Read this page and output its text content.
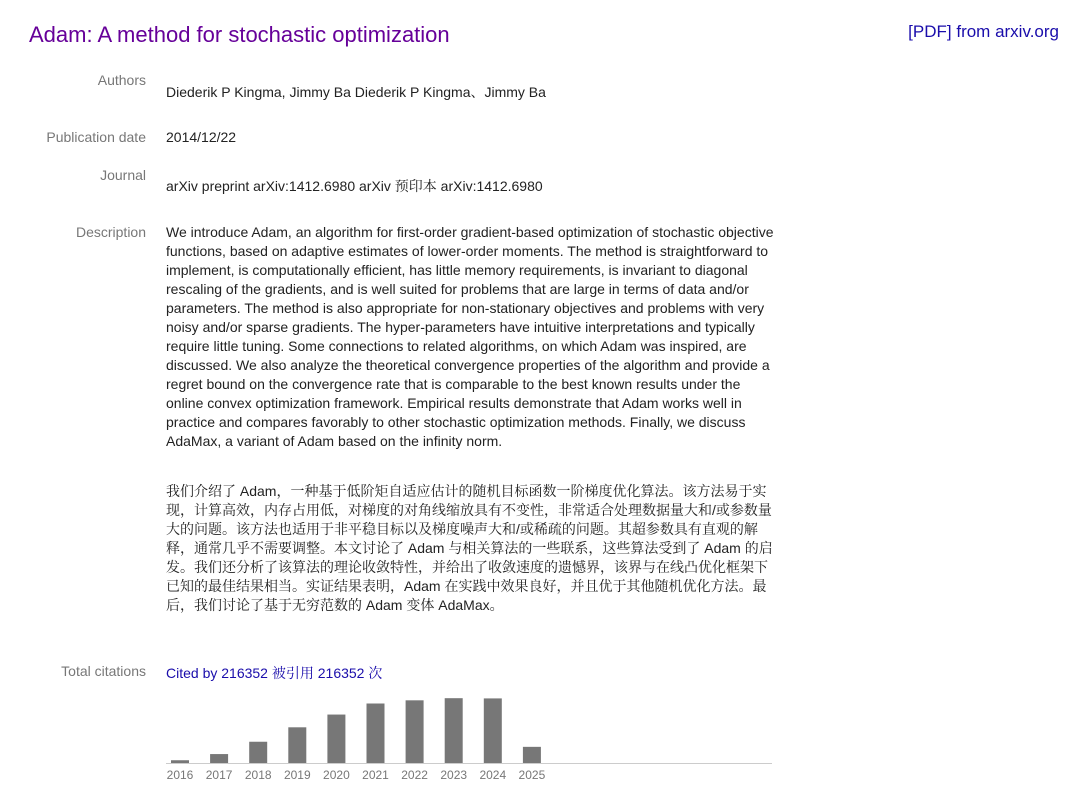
Adam: A method for stochastic optimization	[PDF] from arxiv.org
Authors
Diederik P Kingma, Jimmy Ba Diederik P Kingma、Jimmy Ba
Publication date 2014/12/22
Journal
arXiv preprint arXiv:1412.6980 arXiv 预印本 arXiv:1412.6980
Description We introduce Adam, an algorithm for first-order gradient-based optimization of stochastic objective functions, based on adaptive estimates of lower-order moments. The method is straightforward to implement, is computationally efficient, has little memory requirements, is invariant to diagonal rescaling of the gradients, and is well suited for problems that are large in terms of data and/or parameters. The method is also appropriate for non-stationary objectives and problems with very noisy and/or sparse gradients. The hyper-parameters have intuitive interpretations and typically require little tuning. Some connections to related algorithms, on which Adam was inspired, are discussed. We also analyze the theoretical convergence properties of the algorithm and provide a regret bound on the convergence rate that is comparable to the best known results under the online convex optimization framework. Empirical results demonstrate that Adam works well in practice and compares favorably to other stochastic optimization methods. Finally, we discuss AdaMax, a variant of Adam based on the infinity norm.
我们介绍了 Adam，一种基于低阶矩自适应估计的随机目标函数一阶梯度优化算法。该方法易于实现，计算高效，内存占用低，对梯度的对角线缩放具有不变性，非常适合处理数据量大和/或参数量大的问题。该方法也适用于非平稳目标以及梯度噪声大和/或稀疏的问题。其超参数具有直观的解释，通常几乎不需要调整。本文讨论了 Adam 与相关算法的一些联系，这些算法受到了 Adam 的启发。我们还分析了该算法的理论收敛特性，并给出了收敛速度的遗憾界，该界与在线凸优化框架下已知的最佳结果相当。实证结果表明，Adam 在实践中效果良好，并且优于其他随机优化方法。最后，我们讨论了基于无穷范数的 Adam 变体 AdaMax。
Total citations Cited by 216352 被引用 216352 次
2016 2017 2018 2019 2020 2021 2022 2023 2024 2025
